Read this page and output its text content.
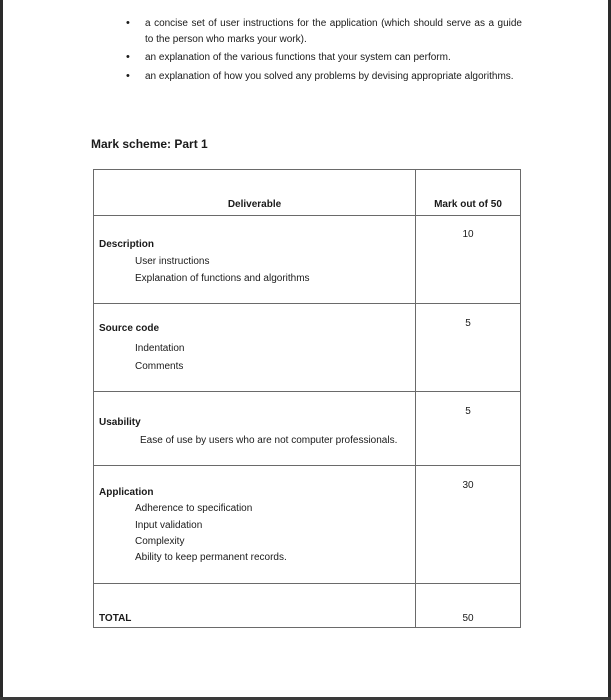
• a concise set of user instructions for the application (which should serve as a guide to the person who marks your work).
• an explanation of the various functions that your system can perform.
• an explanation of how you solved any problems by devising appropriate algorithms.
Mark scheme: Part 1
Deliverable	Mark out of 50
Description
User instructions
Explanation of functions and algorithms
10
Source code
Indentation
Comments
5
Usability
Ease of use by users who are not computer professionals.
5
Application
Adherence to specification
Input validation
Complexity
Ability to keep permanent records.
30
TOTAL	50
